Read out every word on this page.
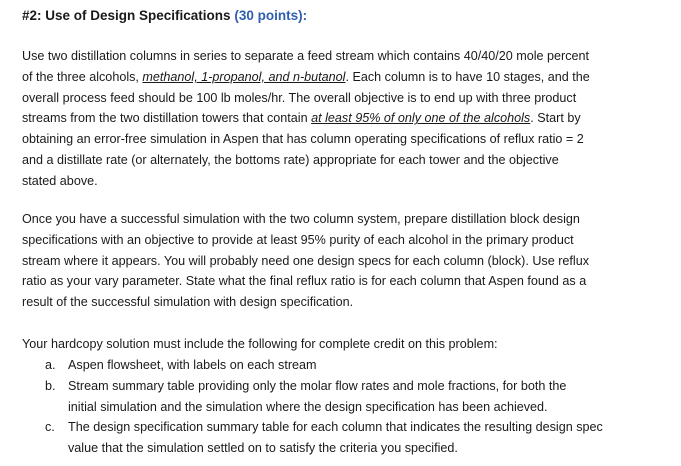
#2: Use of Design Specifications (30 points):
Use two distillation columns in series to separate a feed stream which contains 40/40/20 mole percent
of the three alcohols, methanol, 1-propanol, and n-butanol. Each column is to have 10 stages, and the
overall process feed should be 100 lb moles/hr. The overall objective is to end up with three product
streams from the two distillation towers that contain at least 95% of only one of the alcohols. Start by
obtaining an error-free simulation in Aspen that has column operating specifications of reflux ratio = 2
and a distillate rate (or alternately, the bottoms rate) appropriate for each tower and the objective
stated above.
Once you have a successful simulation with the two column system, prepare distillation block design
specifications with an objective to provide at least 95% purity of each alcohol in the primary product
stream where it appears. You will probably need one design specs for each column (block). Use reflux
ratio as your vary parameter. State what the final reflux ratio is for each column that Aspen found as a
result of the successful simulation with design specification.
Your hardcopy solution must include the following for complete credit on this problem:
a. Aspen flowsheet, with labels on each stream
b. Stream summary table providing only the molar flow rates and mole fractions, for both the
initial simulation and the simulation where the design specification has been achieved.
c. The design specification summary table for each column that indicates the resulting design spec
value that the simulation settled on to satisfy the criteria you specified.
